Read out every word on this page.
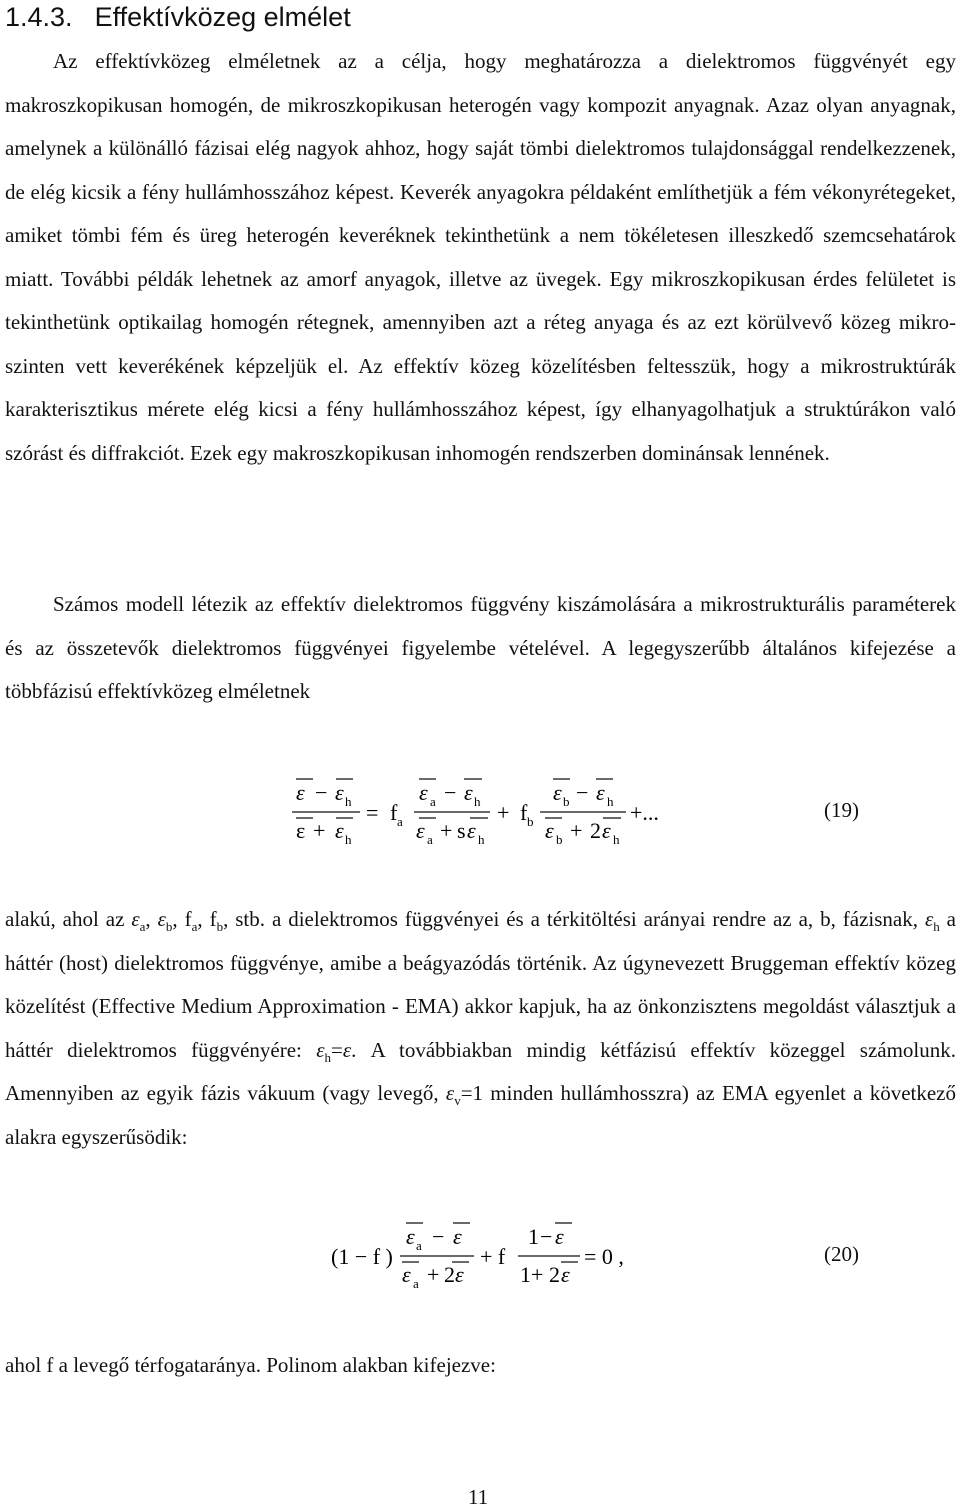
1.4.3. Effektívközeg elmélet

Az effektívközeg elméletnek az a célja, hogy meghatározza a dielektromos függvényét egy makroszkopikusan homogén, de mikroszkopikusan heterogén vagy kompozit anyagnak. Azaz olyan anyagnak, amelynek a különálló fázisai elég nagyok ahhoz, hogy saját tömbi dielektromos tulajdonsággal rendelkezzenek, de elég kicsik a fény hullámhosszához képest. Keverék anyagokra példaként említhetjük a fém vékonyrétegeket, amiket tömbi fém és üreg heterogén keveréknek tekinthetünk a nem tökéletesen illeszkedő szemcsehatárok miatt. További példák lehetnek az amorf anyagok, illetve az üvegek. Egy mikroszkopikusan érdes felületet is tekinthetünk optikailag homogén rétegnek, amennyiben azt a réteg anyaga és az ezt körülvevő közeg mikro-szinten vett keverékének képzeljük el. Az effektív közeg közelítésben feltesszük, hogy a mikrostruktúrák karakterisztikus mérete elég kicsi a fény hullámhosszához képest, így elhanyagolhatjuk a struktúrákon való szórást és diffrakciót. Ezek egy makroszkopikusan inhomogén rendszerben dominánsak lennének.

Számos modell létezik az effektív dielektromos függvény kiszámolására a mikrostrukturális paraméterek és az összetevők dielektromos függvényei figyelembe vételével. A legegyszerűbb általános kifejezése a többfázisú effektívközeg elméletnek

ε − ε h
ε + ε h
= f a
ε a − ε h
ε a + s ε h
+ f b
ε b − ε h
ε b + 2 ε h
+...	(19)

alakú, ahol az $\varepsilon_a$, $\varepsilon_b$, $f_a$, $f_b$, stb. a dielektromos függvényei és a térkitöltési arányai rendre az a, b, fázisnak, $\varepsilon_h$ a háttér (host) dielektromos függvénye, amibe a beágyazódás történik. Az úgynevezett Bruggeman effektív közeg közelítést (Effective Medium Approximation - EMA) akkor kapjuk, ha az önkonzisztens megoldást választjuk a háttér dielektromos függvényére: $\varepsilon_h=\varepsilon$. A továbbiakban mindig kétfázisú effektív közeggel számolunk. Amennyiben az egyik fázis vákuum (vagy levegő, $\varepsilon_v=1$ minden hullámhosszra) az EMA egyenlet a következő alakra egyszerűsödik:

(1 − f )
ε a − ε
ε a + 2 ε
+ f
1 − ε
1 + 2 ε
= 0 ,	(20)

ahol f a levegő térfogataránya. Polinom alakban kifejezve:

11
